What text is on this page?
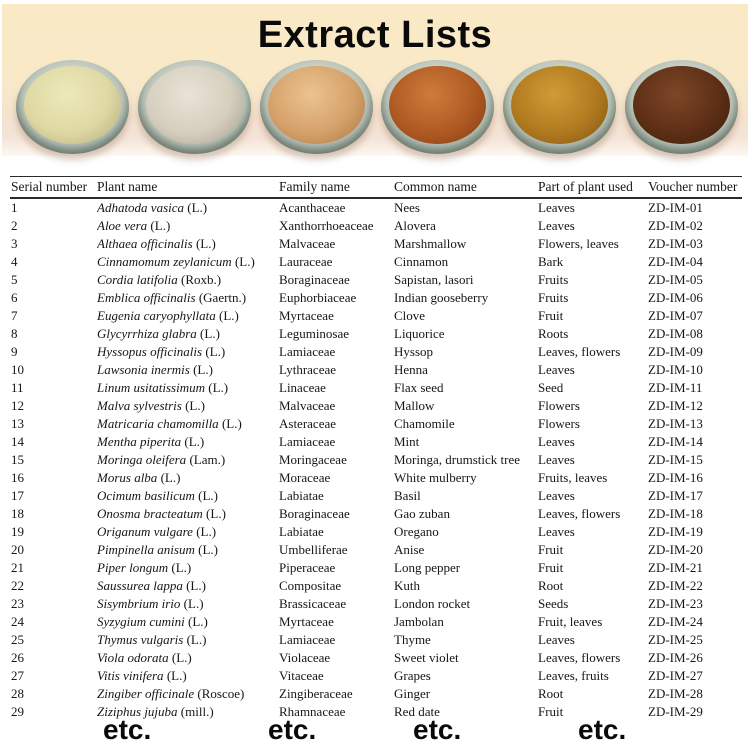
Extract Lists
Serial number	Plant name	Family name	Common name	Part of plant used	Voucher number
1	Adhatoda vasica (L.)	Acanthaceae	Nees	Leaves	ZD-IM-01
2	Aloe vera (L.)	Xanthorrhoeaceae	Alovera	Leaves	ZD-IM-02
3	Althaea officinalis (L.)	Malvaceae	Marshmallow	Flowers, leaves	ZD-IM-03
4	Cinnamomum zeylanicum (L.)	Lauraceae	Cinnamon	Bark	ZD-IM-04
5	Cordia latifolia (Roxb.)	Boraginaceae	Sapistan, lasori	Fruits	ZD-IM-05
6	Emblica officinalis (Gaertn.)	Euphorbiaceae	Indian gooseberry	Fruits	ZD-IM-06
7	Eugenia caryophyllata (L.)	Myrtaceae	Clove	Fruit	ZD-IM-07
8	Glycyrrhiza glabra (L.)	Leguminosae	Liquorice	Roots	ZD-IM-08
9	Hyssopus officinalis (L.)	Lamiaceae	Hyssop	Leaves, flowers	ZD-IM-09
10	Lawsonia inermis (L.)	Lythraceae	Henna	Leaves	ZD-IM-10
11	Linum usitatissimum (L.)	Linaceae	Flax seed	Seed	ZD-IM-11
12	Malva sylvestris (L.)	Malvaceae	Mallow	Flowers	ZD-IM-12
13	Matricaria chamomilla (L.)	Asteraceae	Chamomile	Flowers	ZD-IM-13
14	Mentha piperita (L.)	Lamiaceae	Mint	Leaves	ZD-IM-14
15	Moringa oleifera (Lam.)	Moringaceae	Moringa, drumstick tree	Leaves	ZD-IM-15
16	Morus alba (L.)	Moraceae	White mulberry	Fruits, leaves	ZD-IM-16
17	Ocimum basilicum (L.)	Labiatae	Basil	Leaves	ZD-IM-17
18	Onosma bracteatum (L.)	Boraginaceae	Gao zuban	Leaves, flowers	ZD-IM-18
19	Origanum vulgare (L.)	Labiatae	Oregano	Leaves	ZD-IM-19
20	Pimpinella anisum (L.)	Umbelliferae	Anise	Fruit	ZD-IM-20
21	Piper longum (L.)	Piperaceae	Long pepper	Fruit	ZD-IM-21
22	Saussurea lappa (L.)	Compositae	Kuth	Root	ZD-IM-22
23	Sisymbrium irio (L.)	Brassicaceae	London rocket	Seeds	ZD-IM-23
24	Syzygium cumini (L.)	Myrtaceae	Jambolan	Fruit, leaves	ZD-IM-24
25	Thymus vulgaris (L.)	Lamiaceae	Thyme	Leaves	ZD-IM-25
26	Viola odorata (L.)	Violaceae	Sweet violet	Leaves, flowers	ZD-IM-26
27	Vitis vinifera (L.)	Vitaceae	Grapes	Leaves, fruits	ZD-IM-27
28	Zingiber officinale (Roscoe)	Zingiberaceae	Ginger	Root	ZD-IM-28
29	Ziziphus jujuba (mill.)	Rhamnaceae	Red date	Fruit	ZD-IM-29
etc.	etc.	etc.	etc.
